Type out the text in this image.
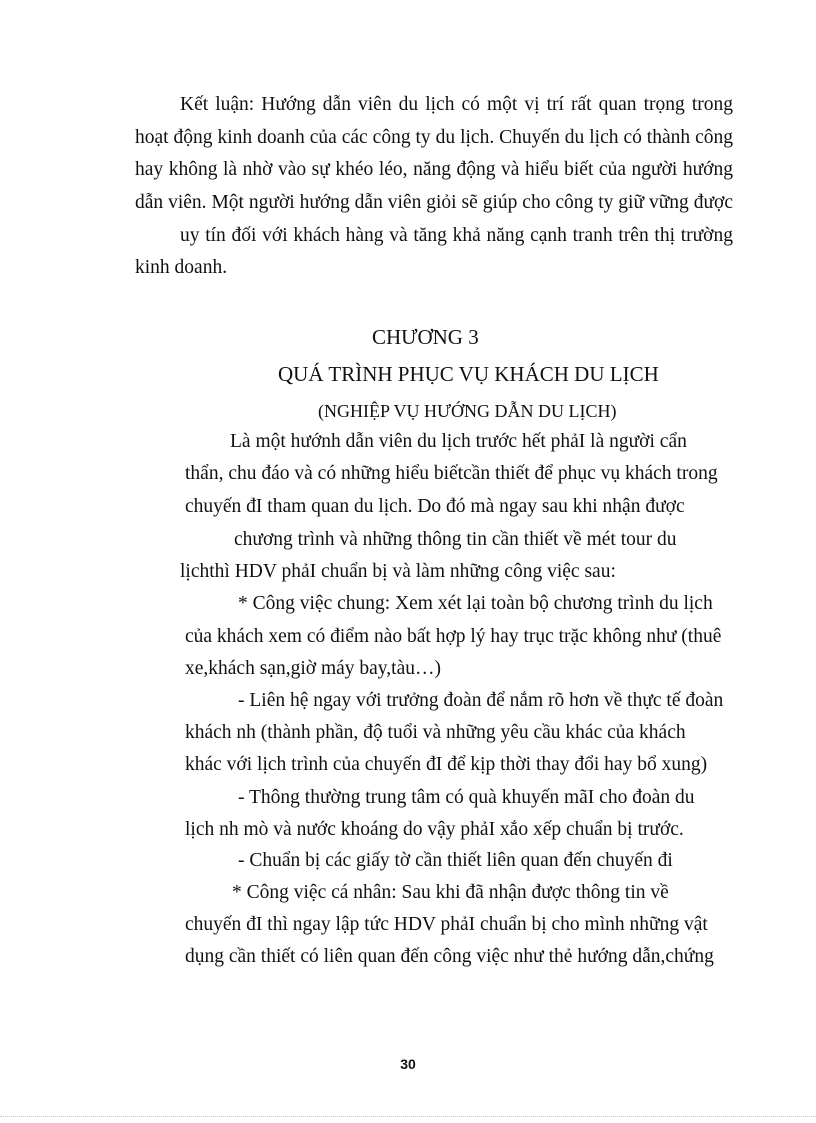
Kết luận: Hướng dẫn viên du lịch có một vị trí rất quan trọng trong
hoạt động kinh doanh của các công ty du lịch. Chuyến du lịch có thành công
hay không là nhờ vào sự khéo léo, năng động và hiểu biết của người hướng
dẫn viên. Một người hướng dẫn viên giỏi sẽ giúp cho công ty giữ vững được
uy tín đối với khách hàng và tăng khả năng cạnh tranh trên thị trường
kinh doanh.
CHƯƠNG 3
QUÁ TRÌNH PHỤC VỤ KHÁCH DU LỊCH
(NGHIỆP VỤ HƯỚNG DẪN DU LỊCH)
Là một hướnh dẫn viên du lịch trước hết phảI là người cẩn
thẩn, chu đáo và có những hiểu biếtcần thiết để phục vụ khách trong
chuyến đI tham quan du lịch. Do đó mà ngay sau khi nhận được
chương trình và những thông tin cần thiết về mét tour du
lịchthì HDV phảI chuẩn bị và làm những công việc sau:
* Công việc chung: Xem xét lại toàn bộ chương trình du lịch
của khách xem có điểm nào bất hợp lý hay trục trặc không như (thuê
xe,khách sạn,giờ máy bay,tàu…)
- Liên hệ ngay với trưởng đoàn để nắm rõ hơn về thực tế đoàn
khách nh (thành phần, độ tuổi và những yêu cầu khác của khách
khác với lịch trình của chuyến đI để kịp thời thay đổi hay bổ xung)
- Thông thường trung tâm có quà khuyến mãI cho đoàn du
lịch nh mò và nước khoáng do vậy phảI xắo xếp chuẩn bị trước.
- Chuẩn bị các giấy tờ cần thiết liên quan đến chuyến đi
* Công việc cá nhân: Sau khi đã nhận được thông tin về
chuyến đI thì ngay lập tức HDV phảI chuẩn bị cho mình những vật
dụng cần thiết có liên quan đến công việc như thẻ hướng dẫn,chứng
30
